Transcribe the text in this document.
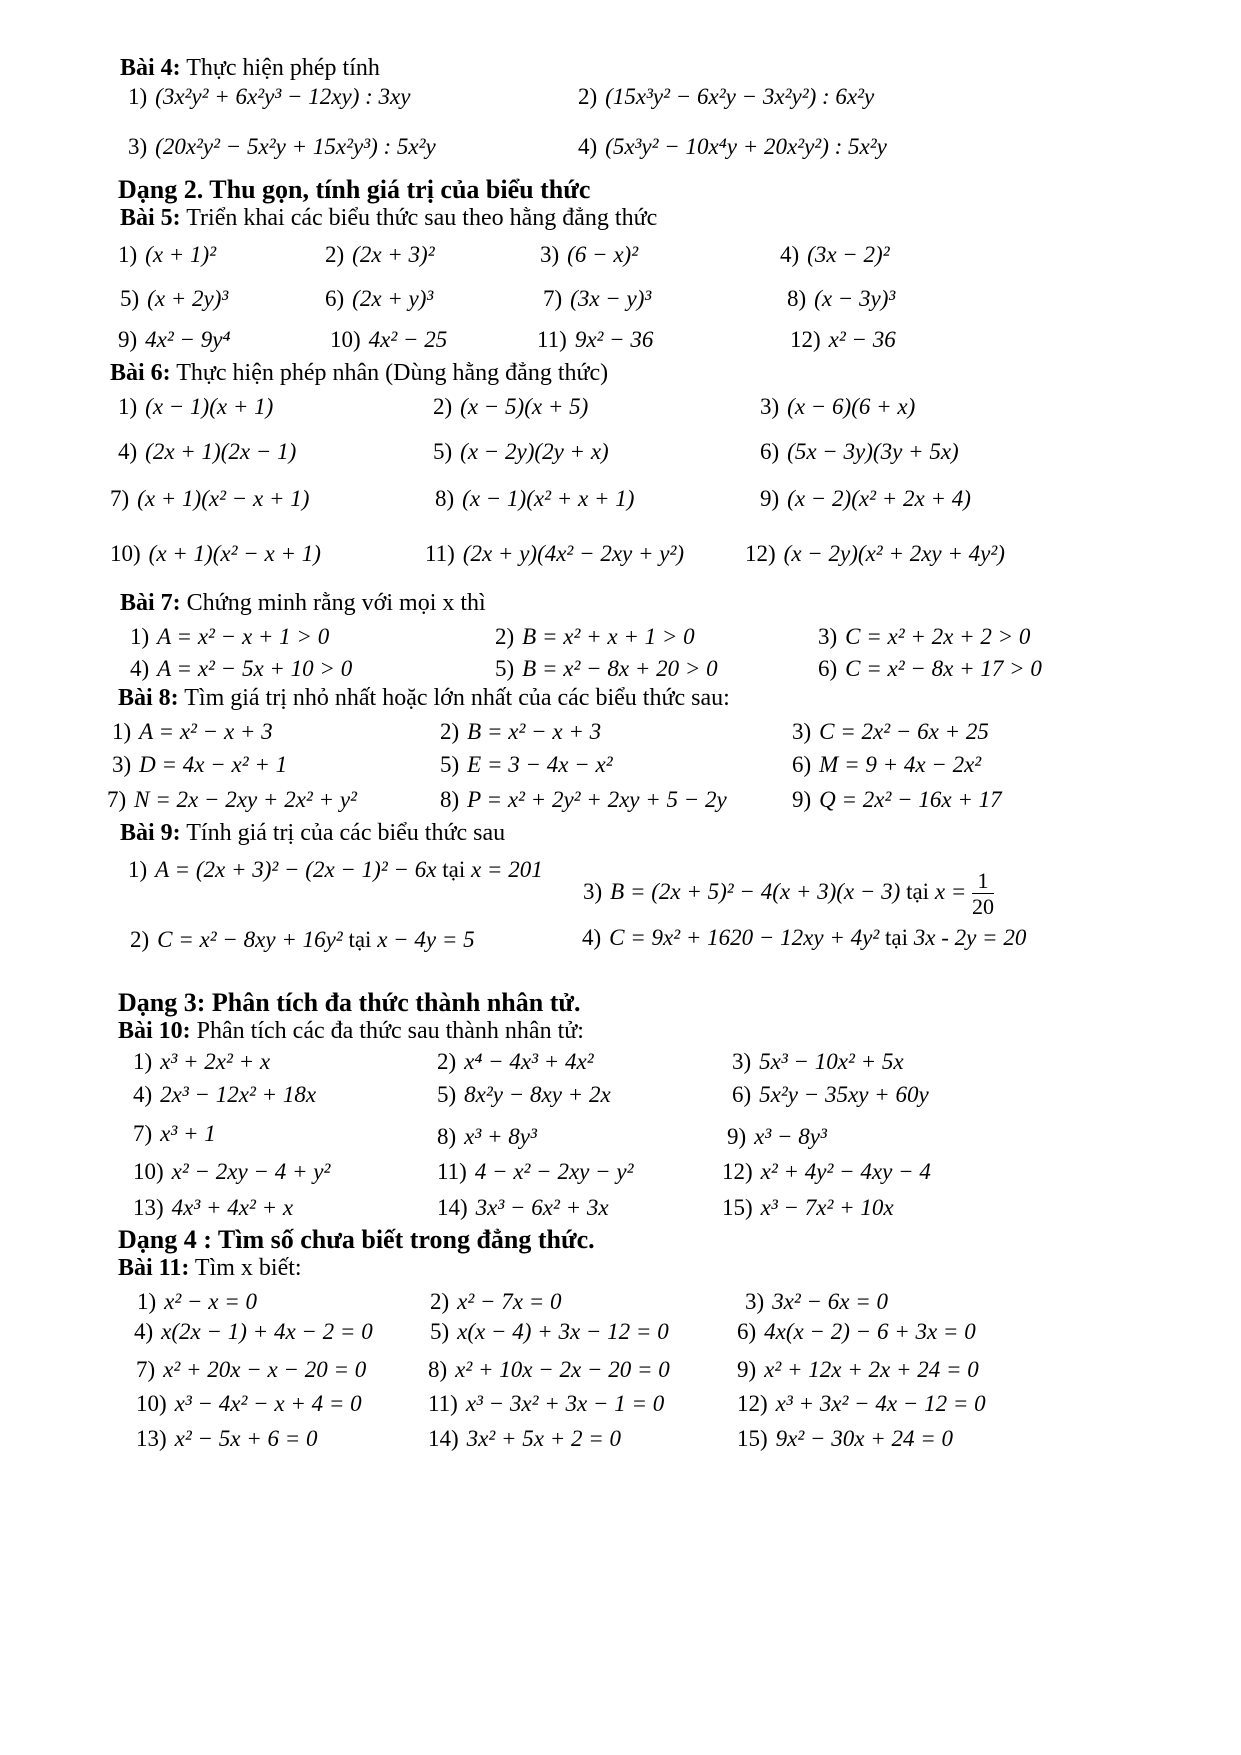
Bài 4: Thực hiện phép tính
1) (3x²y² + 6x²y³ − 12xy) : 3xy	2) (15x³y² − 6x²y − 3x²y²) : 6x²y
3) (20x²y² − 5x²y + 15x²y³) : 5x²y	4) (5x³y² − 10x⁴y + 20x²y²) : 5x²y
Dạng 2. Thu gọn, tính giá trị của biểu thức
Bài 5: Triển khai các biểu thức sau theo hằng đẳng thức
1) (x + 1)²	2) (2x + 3)²	3) (6 − x)²	4) (3x − 2)²
5) (x + 2y)³	6) (2x + y)³	7) (3x − y)³	8) (x − 3y)³
9) 4x² − 9y⁴	10) 4x² − 25	11) 9x² − 36	12) x² − 36
Bài 6: Thực hiện phép nhân (Dùng hằng đẳng thức)
1) (x − 1)(x + 1)	2) (x − 5)(x + 5)	3) (x − 6)(6 + x)
4) (2x + 1)(2x − 1)	5) (x − 2y)(2y + x)	6) (5x − 3y)(3y + 5x)
7) (x + 1)(x² − x + 1)	8) (x − 1)(x² + x + 1)	9) (x − 2)(x² + 2x + 4)
10) (x + 1)(x² − x + 1)	11) (2x + y)(4x² − 2xy + y²)	12) (x − 2y)(x² + 2xy + 4y²)
Bài 7: Chứng minh rằng với mọi x thì
1) A = x² − x + 1 > 0	2) B = x² + x + 1 > 0	3) C = x² + 2x + 2 > 0
4) A = x² − 5x + 10 > 0	5) B = x² − 8x + 20 > 0	6) C = x² − 8x + 17 > 0
Bài 8: Tìm giá trị nhỏ nhất hoặc lớn nhất của các biểu thức sau:
1) A = x² − x + 3	2) B = x² − x + 3	3) C = 2x² − 6x + 25
3) D = 4x − x² + 1	5) E = 3 − 4x − x²	6) M = 9 + 4x − 2x²
7) N = 2x − 2xy + 2x² + y²	8) P = x² + 2y² + 2xy + 5 − 2y	9) Q = 2x² − 16x + 17
Bài 9: Tính giá trị của các biểu thức sau
1) A = (2x + 3)² − (2x − 1)² − 6x tại x = 201
3) B = (2x + 5)² − 4(x + 3)(x − 3) tại $x = \frac{1}{20}$
2) C = x² − 8xy + 16y² tại x − 4y = 5	4) C = 9x² + 1620 − 12xy + 4y² tại 3x - 2y = 20
Dạng 3: Phân tích đa thức thành nhân tử.
Bài 10: Phân tích các đa thức sau thành nhân tử:
1) x³ + 2x² + x	2) x⁴ − 4x³ + 4x²	3) 5x³ − 10x² + 5x
4) 2x³ − 12x² + 18x	5) 8x²y − 8xy + 2x	6) 5x²y − 35xy + 60y
7) x³ + 1	8) x³ + 8y³	9) x³ − 8y³
10) x² − 2xy − 4 + y²	11) 4 − x² − 2xy − y²	12) x² + 4y² − 4xy − 4
13) 4x³ + 4x² + x	14) 3x³ − 6x² + 3x	15) x³ − 7x² + 10x
Dạng 4 : Tìm số chưa biết trong đẳng thức.
Bài 11: Tìm x biết:
1) x² − x = 0	2) x² − 7x = 0	3) 3x² − 6x = 0
4) x(2x − 1) + 4x − 2 = 0 5) x(x − 4) + 3x − 12 = 0	6) 4x(x − 2) − 6 + 3x = 0
7) x² + 20x − x − 20 = 0	8) x² + 10x − 2x − 20 = 0	9) x² + 12x + 2x + 24 = 0
10) x³ − 4x² − x + 4 = 0	11) x³ − 3x² + 3x − 1 = 0	12) x³ + 3x² − 4x − 12 = 0
13) x² − 5x + 6 = 0	14) 3x² + 5x + 2 = 0	15) 9x² − 30x + 24 = 0
